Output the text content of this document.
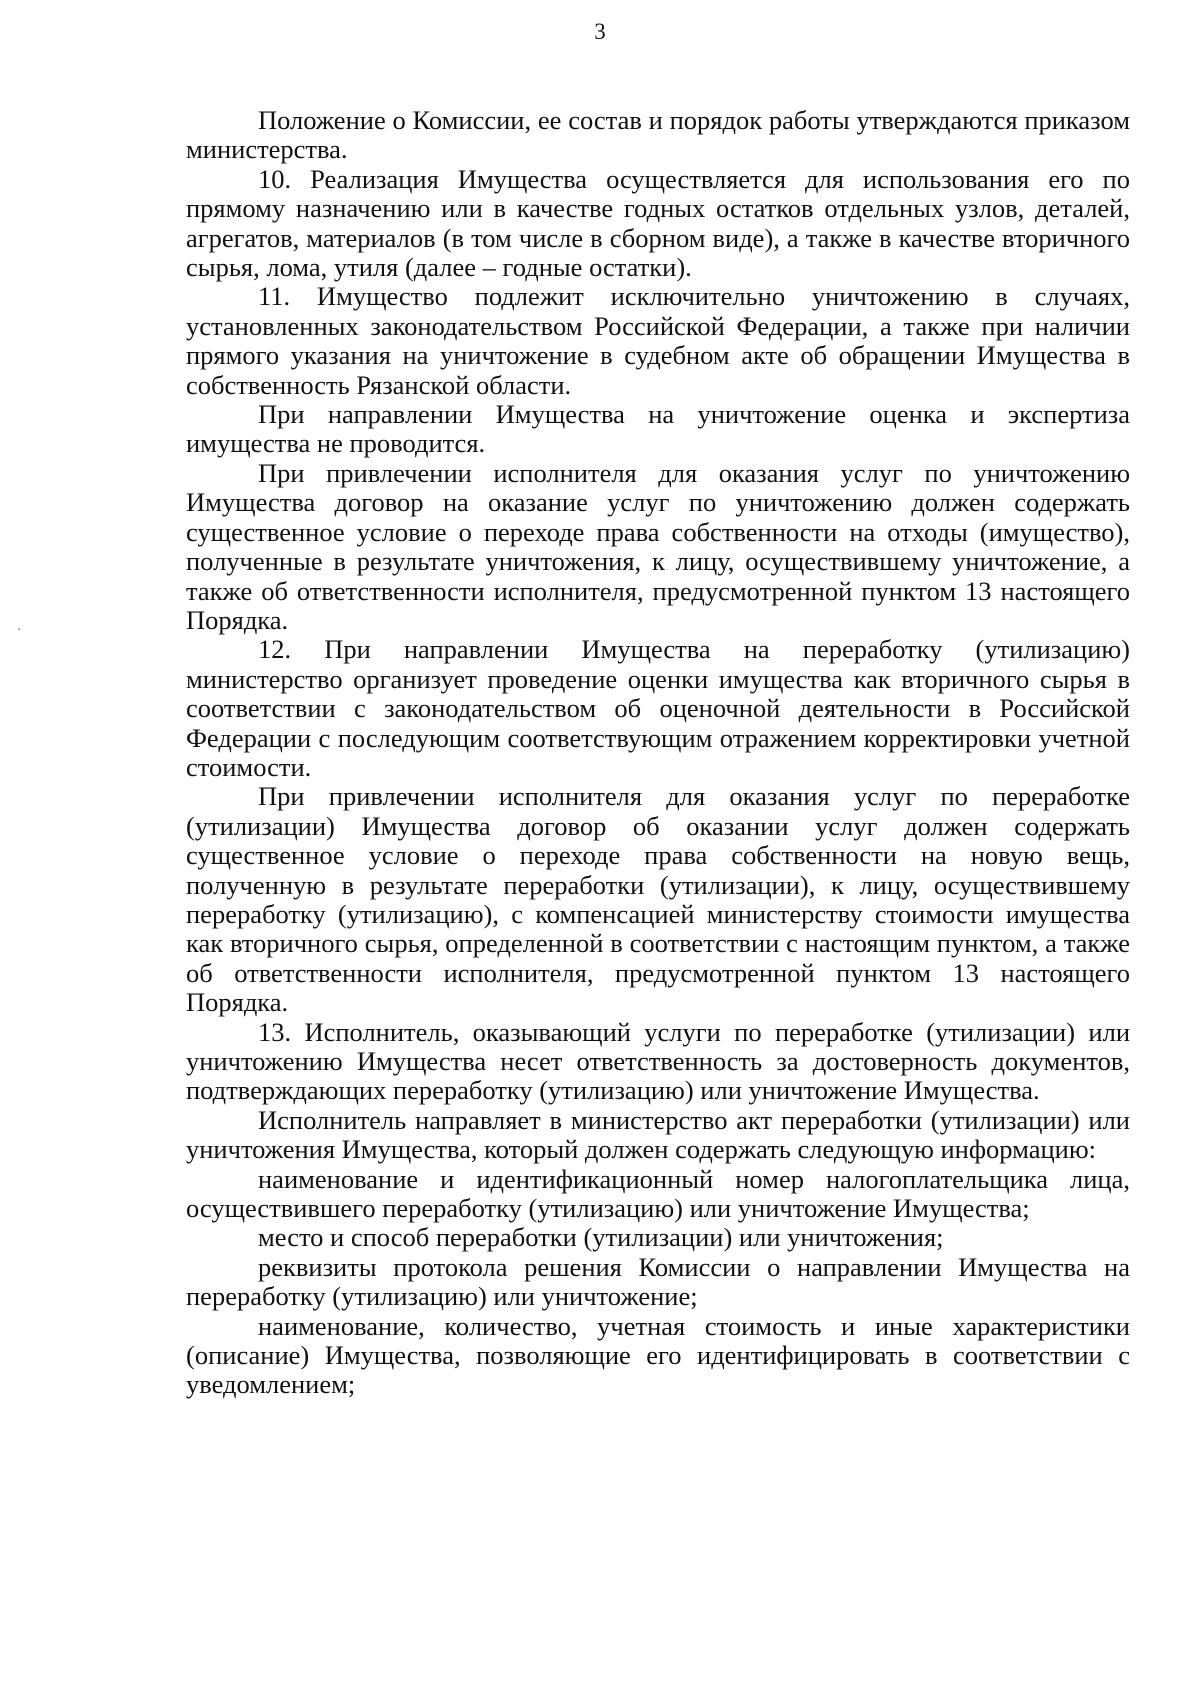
3

Положение о Комиссии, ее состав и порядок работы утверждаются приказом министерства.

10. Реализация Имущества осуществляется для использования его по прямому назначению или в качестве годных остатков отдельных узлов, деталей, агрегатов, материалов (в том числе в сборном виде), а также в качестве вторичного сырья, лома, утиля (далее – годные остатки).

11. Имущество подлежит исключительно уничтожению в случаях, установленных законодательством Российской Федерации, а также при наличии прямого указания на уничтожение в судебном акте об обращении Имущества в собственность Рязанской области.

При направлении Имущества на уничтожение оценка и экспертиза имущества не проводится.

При привлечении исполнителя для оказания услуг по уничтожению Имущества договор на оказание услуг по уничтожению должен содержать существенное условие о переходе права собственности на отходы (имущество), полученные в результате уничтожения, к лицу, осуществившему уничтожение, а также об ответственности исполнителя, предусмотренной пунктом 13 настоящего Порядка.

12. При направлении Имущества на переработку (утилизацию) министерство организует проведение оценки имущества как вторичного сырья в соответствии с законодательством об оценочной деятельности в Российской Федерации с последующим соответствующим отражением корректировки учетной стоимости.

При привлечении исполнителя для оказания услуг по переработке (утилизации) Имущества договор об оказании услуг должен содержать существенное условие о переходе права собственности на новую вещь, полученную в результате переработки (утилизации), к лицу, осуществившему переработку (утилизацию), с компенсацией министерству стоимости имущества как вторичного сырья, определенной в соответствии с настоящим пунктом, а также об ответственности исполнителя, предусмотренной пунктом 13 настоящего Порядка.

13. Исполнитель, оказывающий услуги по переработке (утилизации) или уничтожению Имущества несет ответственность за достоверность документов, подтверждающих переработку (утилизацию) или уничтожение Имущества.

Исполнитель направляет в министерство акт переработки (утилизации) или уничтожения Имущества, который должен содержать следующую информацию:

наименование и идентификационный номер налогоплательщика лица, осуществившего переработку (утилизацию) или уничтожение Имущества;

место и способ переработки (утилизации) или уничтожения;

реквизиты протокола решения Комиссии о направлении Имущества на переработку (утилизацию) или уничтожение;

наименование, количество, учетная стоимость и иные характеристики (описание) Имущества, позволяющие его идентифицировать в соответствии с уведомлением;
